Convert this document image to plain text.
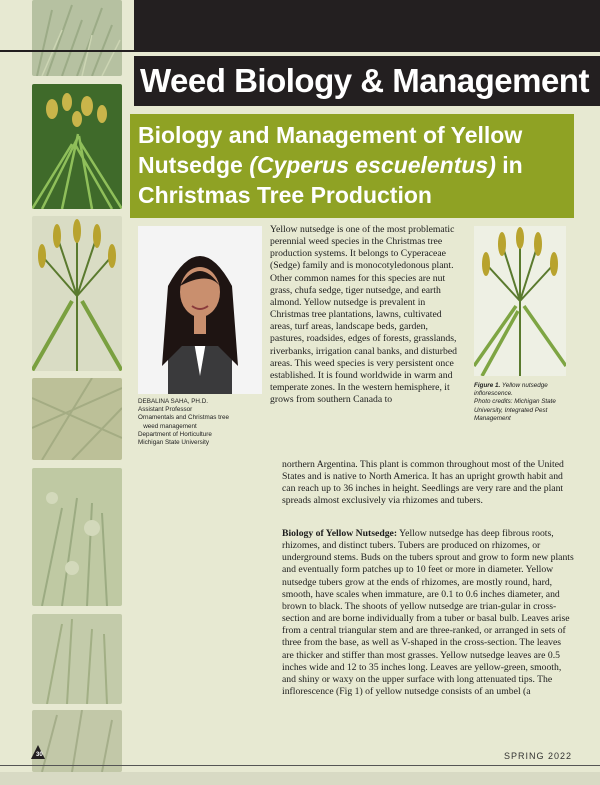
Weed Biology & Management
Biology and Management of Yellow Nutsedge (Cyperus escuelentus) in Christmas Tree Production
DEBALINA SAHA, PH.D.
Assistant Professor
Ornamentals and Christmas tree
weed management
Department of Horticulture
Michigan State University
Figure 1. Yellow nutsedge inflorescence.
Photo credits: Michigan State University, Integrated Pest Management
Yellow nutsedge is one of the most problematic perennial weed species in the Christmas tree production systems. It belongs to Cyperaceae (Sedge) family and is monocotyledonous plant. Other common names for this species are nut grass, chufa sedge, tiger nutsedge, and earth almond. Yellow nutsedge is prevalent in Christmas tree plantations, lawns, cultivated areas, turf areas, landscape beds, garden, pastures, roadsides, edges of forests, grasslands, riverbanks, irrigation canal banks, and disturbed areas. This weed species is very persistent once established. It is found worldwide in warm and temperate zones. In the western hemisphere, it grows from southern Canada to
northern Argentina. This plant is common throughout most of the United States and is native to North America. It has an upright growth habit and can reach up to 36 inches in height. Seedlings are very rare and the plant spreads almost exclusively via rhizomes and tubers.
Biology of Yellow Nutsedge: Yellow nutsedge has deep fibrous roots, rhizomes, and distinct tubers. Tubers are produced on rhizomes, or underground stems. Buds on the tubers sprout and grow to form new plants and eventually form patches up to 10 feet or more in diameter. Yellow nutsedge tubers grow at the ends of rhizomes, are mostly round, hard, smooth, have scales when immature, are 0.1 to 0.6 inches diameter, and brown to black. The shoots of yellow nutsedge are trian-gular in cross-section and are borne individually from a tuber or basal bulb. Leaves arise from a central triangular stem and are three-ranked, or arranged in sets of three from the base, as well as V-shaped in the cross-section. The leaves are thicker and stiffer than most grasses. Yellow nutsedge leaves are 0.5 inches wide and 12 to 35 inches long. Leaves are yellow-green, smooth, and shiny or waxy on the upper surface with long attenuated tips. The inflorescence (Fig 1) of yellow nutsedge consists of an umbel (a
30	SPRING 2022
